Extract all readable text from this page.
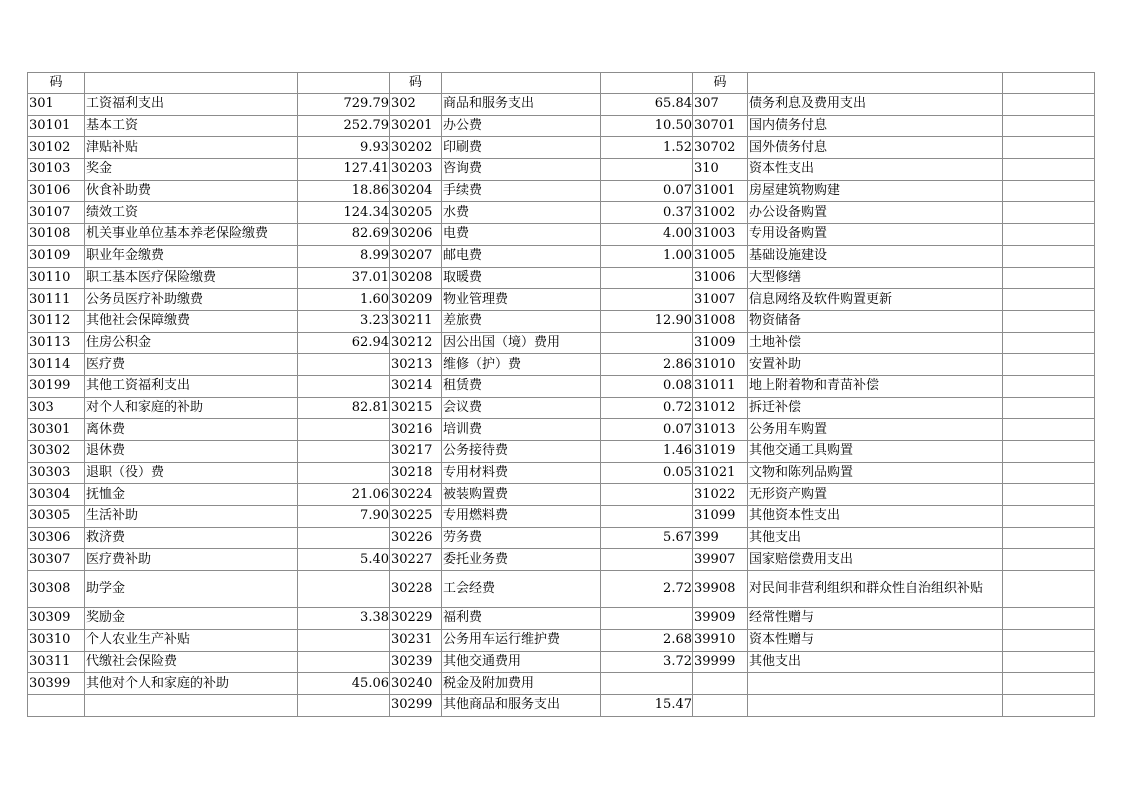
码			码			码		
301	工资福利支出	729.79	302	商品和服务支出	65.84	307	债务利息及费用支出	
30101	基本工资	252.79	30201	办公费	10.50	30701	国内债务付息	
30102	津贴补贴	9.93	30202	印刷费	1.52	30702	国外债务付息	
30103	奖金	127.41	30203	咨询费		310	资本性支出	
30106	伙食补助费	18.86	30204	手续费	0.07	31001	房屋建筑物购建	
30107	绩效工资	124.34	30205	水费	0.37	31002	办公设备购置	
30108	机关事业单位基本养老保险缴费	82.69	30206	电费	4.00	31003	专用设备购置	
30109	职业年金缴费	8.99	30207	邮电费	1.00	31005	基础设施建设	
30110	职工基本医疗保险缴费	37.01	30208	取暖费		31006	大型修缮	
30111	公务员医疗补助缴费	1.60	30209	物业管理费		31007	信息网络及软件购置更新	
30112	其他社会保障缴费	3.23	30211	差旅费	12.90	31008	物资储备	
30113	住房公积金	62.94	30212	因公出国（境）费用		31009	土地补偿	
30114	医疗费		30213	维修（护）费	2.86	31010	安置补助	
30199	其他工资福利支出		30214	租赁费	0.08	31011	地上附着物和青苗补偿	
303	对个人和家庭的补助	82.81	30215	会议费	0.72	31012	拆迁补偿	
30301	离休费		30216	培训费	0.07	31013	公务用车购置	
30302	退休费		30217	公务接待费	1.46	31019	其他交通工具购置	
30303	退职（役）费		30218	专用材料费	0.05	31021	文物和陈列品购置	
30304	抚恤金	21.06	30224	被装购置费		31022	无形资产购置	
30305	生活补助	7.90	30225	专用燃料费		31099	其他资本性支出	
30306	救济费		30226	劳务费	5.67	399	其他支出	
30307	医疗费补助	5.40	30227	委托业务费		39907	国家赔偿费用支出	
30308	助学金		30228	工会经费	2.72	39908	对民间非营利组织和群众性自治组织补贴	
30309	奖励金	3.38	30229	福利费		39909	经常性赠与	
30310	个人农业生产补贴		30231	公务用车运行维护费	2.68	39910	资本性赠与	
30311	代缴社会保险费		30239	其他交通费用	3.72	39999	其他支出	
30399	其他对个人和家庭的补助	45.06	30240	税金及附加费用				
			30299	其他商品和服务支出	15.47			
